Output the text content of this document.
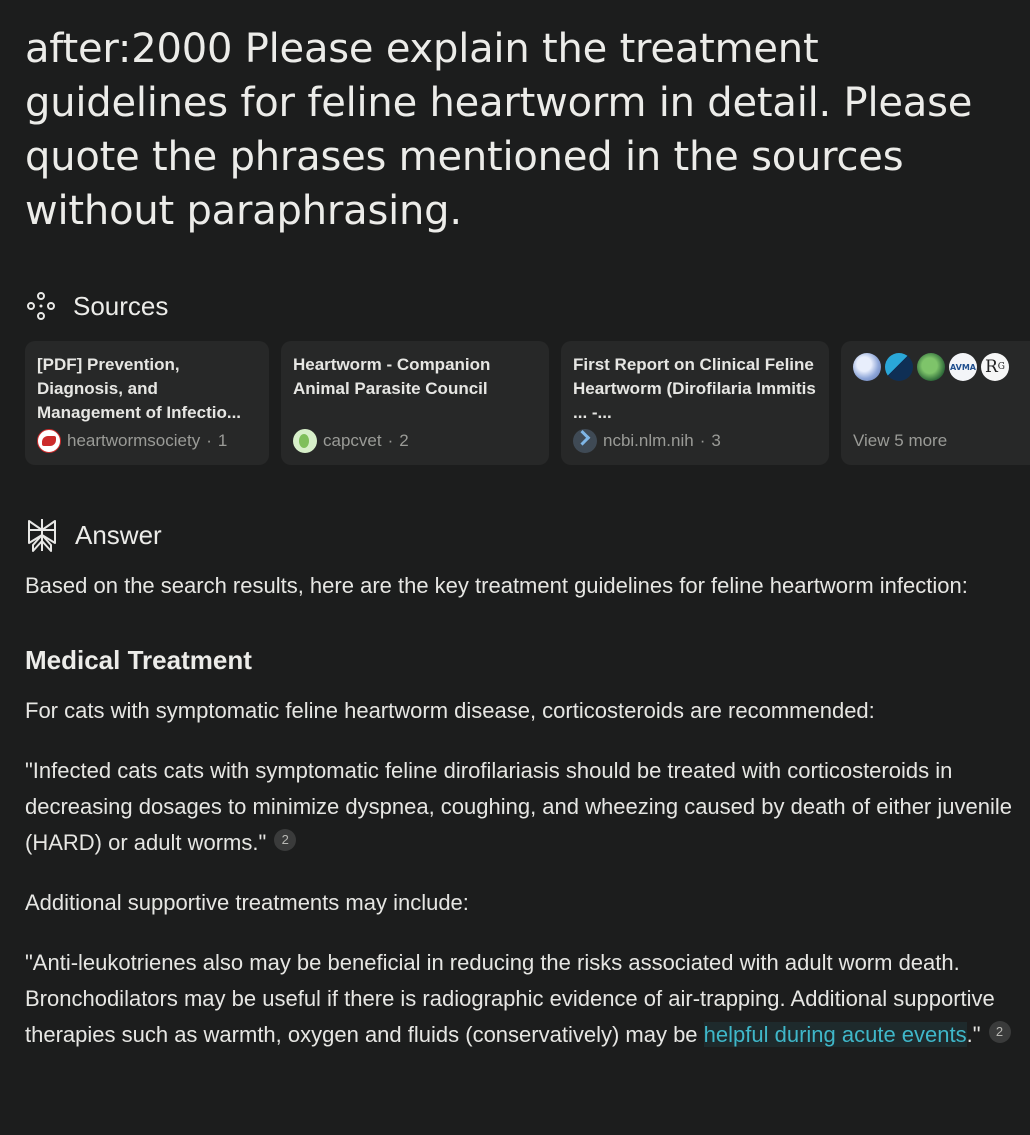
after:2000 Please explain the treatment guidelines for feline heartworm in detail. Please quote the phrases mentioned in the sources without paraphrasing.
Sources
[PDF] Prevention, Diagnosis, and Management of Infectio...
heartwormsociety · 1
Heartworm - Companion Animal Parasite Council
capcvet · 2
First Report on Clinical Feline Heartworm (Dirofilaria Immitis ... -...
ncbi.nlm.nih · 3
AVMA R G
View 5 more
Answer

Based on the search results, here are the key treatment guidelines for feline heartworm infection:

Medical Treatment

For cats with symptomatic feline heartworm disease, corticosteroids are recommended:

"Infected cats cats with symptomatic feline dirofilariasis should be treated with corticosteroids in decreasing dosages to minimize dyspnea, coughing, and wheezing caused by death of either juvenile (HARD) or adult worms." 2

Additional supportive treatments may include:

"Anti-leukotrienes also may be beneficial in reducing the risks associated with adult worm death. Bronchodilators may be useful if there is radiographic evidence of air-trapping. Additional supportive therapies such as warmth, oxygen and fluids (conservatively) may be helpful during acute events." 2
